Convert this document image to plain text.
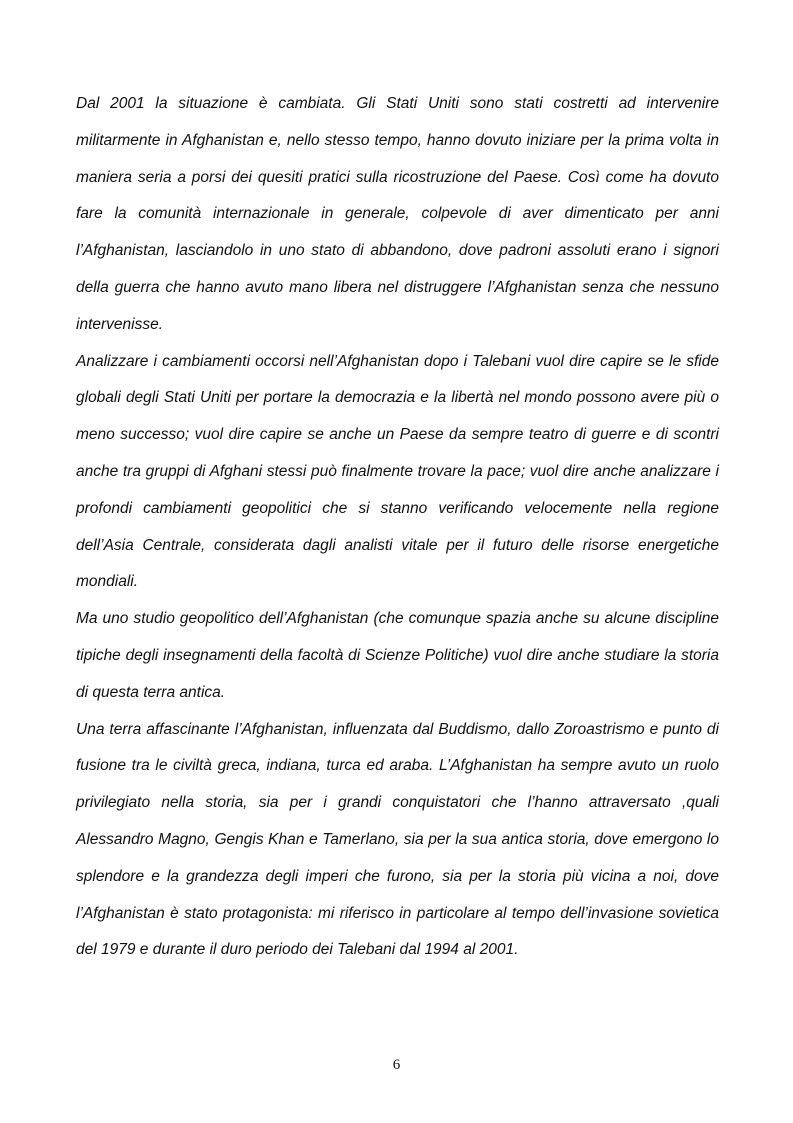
Dal 2001 la situazione è cambiata. Gli Stati Uniti sono stati costretti ad intervenire militarmente in Afghanistan e, nello stesso tempo, hanno dovuto iniziare per la prima volta in maniera seria a porsi dei quesiti pratici sulla ricostruzione del Paese. Così come ha dovuto fare la comunità internazionale in generale, colpevole di aver dimenticato per anni l’Afghanistan, lasciandolo in uno stato di abbandono, dove padroni assoluti erano i signori della guerra che hanno avuto mano libera nel distruggere l’Afghanistan senza che nessuno intervenisse.

Analizzare i cambiamenti occorsi nell’Afghanistan dopo i Talebani vuol dire capire se le sfide globali degli Stati Uniti per portare la democrazia e la libertà nel mondo possono avere più o meno successo; vuol dire capire se anche un Paese da sempre teatro di guerre e di scontri anche tra gruppi di Afghani stessi può finalmente trovare la pace; vuol dire anche analizzare i profondi cambiamenti geopolitici che si stanno verificando velocemente nella regione dell’Asia Centrale, considerata dagli analisti vitale per il futuro delle risorse energetiche mondiali.

Ma uno studio geopolitico dell’Afghanistan (che comunque spazia anche su alcune discipline tipiche degli insegnamenti della facoltà di Scienze Politiche) vuol dire anche studiare la storia di questa terra antica.

Una terra affascinante l’Afghanistan, influenzata dal Buddismo, dallo Zoroastrismo e punto di fusione tra le civiltà greca, indiana, turca ed araba. L’Afghanistan ha sempre avuto un ruolo privilegiato nella storia, sia per i grandi conquistatori che l’hanno attraversato ,quali Alessandro Magno, Gengis Khan e Tamerlano, sia per la sua antica storia, dove emergono lo splendore e la grandezza degli imperi che furono, sia per la storia più vicina a noi, dove l’Afghanistan è stato protagonista: mi riferisco in particolare al tempo dell’invasione sovietica del 1979 e durante il duro periodo dei Talebani dal 1994 al 2001.

6
